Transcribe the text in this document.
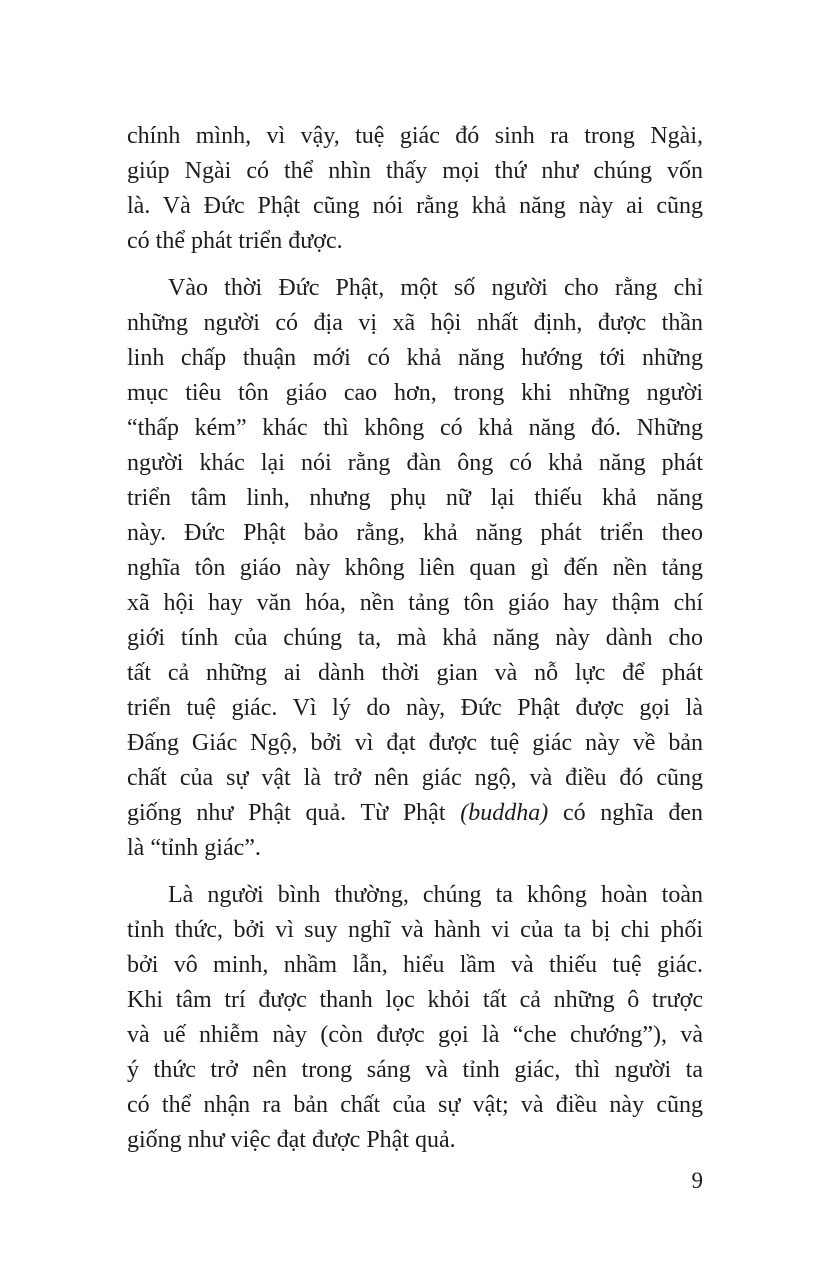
chính mình, vì vậy, tuệ giác đó sinh ra trong Ngài,
giúp Ngài có thể nhìn thấy mọi thứ như chúng vốn
là. Và Đức Phật cũng nói rằng khả năng này ai cũng
có thể phát triển được.
Vào thời Đức Phật, một số người cho rằng chỉ
những người có địa vị xã hội nhất định, được thần
linh chấp thuận mới có khả năng hướng tới những
mục tiêu tôn giáo cao hơn, trong khi những người
“thấp kém” khác thì không có khả năng đó. Những
người khác lại nói rằng đàn ông có khả năng phát
triển tâm linh, nhưng phụ nữ lại thiếu khả năng
này. Đức Phật bảo rằng, khả năng phát triển theo
nghĩa tôn giáo này không liên quan gì đến nền tảng
xã hội hay văn hóa, nền tảng tôn giáo hay thậm chí
giới tính của chúng ta, mà khả năng này dành cho
tất cả những ai dành thời gian và nỗ lực để phát
triển tuệ giác. Vì lý do này, Đức Phật được gọi là
Đấng Giác Ngộ, bởi vì đạt được tuệ giác này về bản
chất của sự vật là trở nên giác ngộ, và điều đó cũng
giống như Phật quả. Từ Phật (buddha) có nghĩa đen
là “tỉnh giác”.
Là người bình thường, chúng ta không hoàn toàn
tỉnh thức, bởi vì suy nghĩ và hành vi của ta bị chi phối
bởi vô minh, nhầm lẫn, hiểu lầm và thiếu tuệ giác.
Khi tâm trí được thanh lọc khỏi tất cả những ô trược
và uế nhiễm này (còn được gọi là “che chướng”), và
ý thức trở nên trong sáng và tỉnh giác, thì người ta
có thể nhận ra bản chất của sự vật; và điều này cũng
giống như việc đạt được Phật quả.
9
